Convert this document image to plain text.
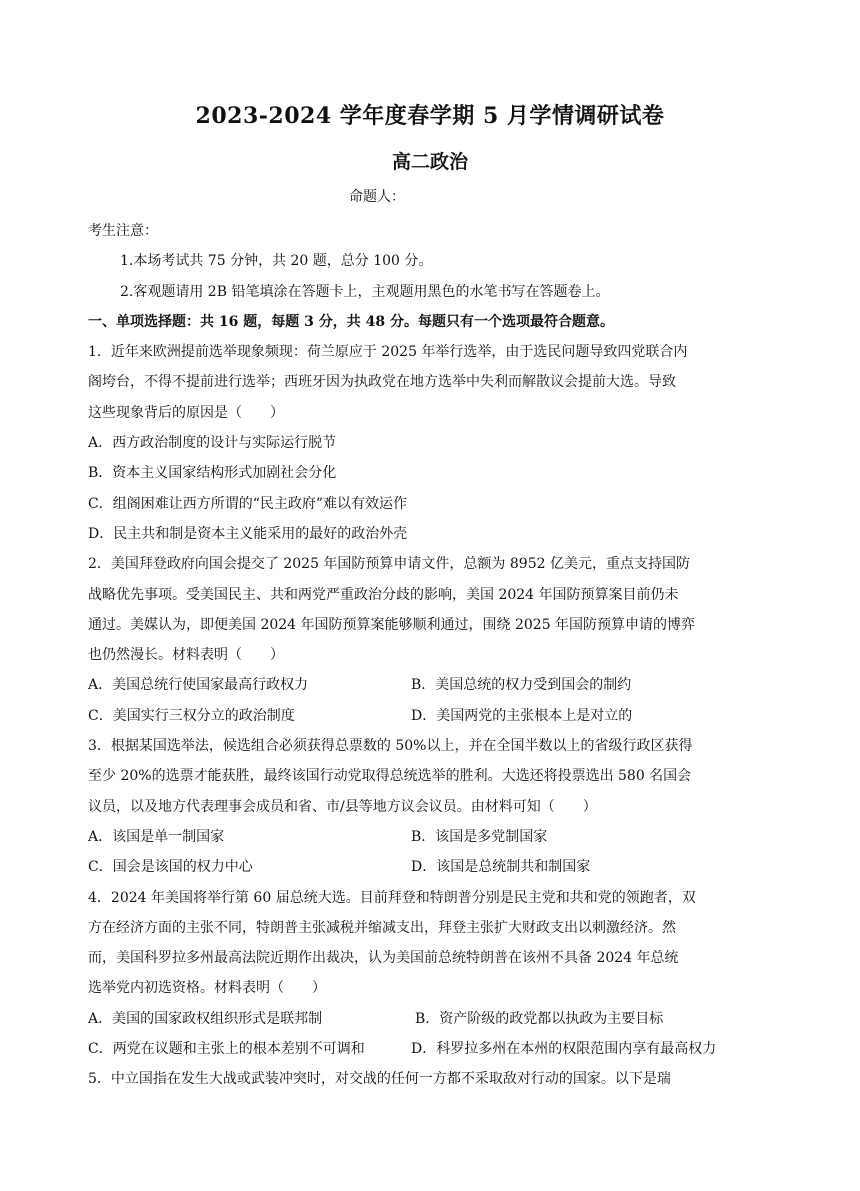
2023-2024 学年度春学期 5 月学情调研试卷
高二政治
命题人：
考生注意：
1.本场考试共 75 分钟，共 20 题，总分 100 分。
2.客观题请用 2B 铅笔填涂在答题卡上，主观题用黑色的水笔书写在答题卷上。
一、单项选择题：共 16 题，每题 3 分，共 48 分。每题只有一个选项最符合题意。
1．近年来欧洲提前选举现象频现：荷兰原应于 2025 年举行选举，由于选民问题导致四党联合内
阁垮台，不得不提前进行选举；西班牙因为执政党在地方选举中失利而解散议会提前大选。导致
这些现象背后的原因是（　　）
A．西方政治制度的设计与实际运行脱节
B．资本主义国家结构形式加剧社会分化
C．组阁困难让西方所谓的“民主政府”难以有效运作
D．民主共和制是资本主义能采用的最好的政治外壳
2．美国拜登政府向国会提交了 2025 年国防预算申请文件，总额为 8952 亿美元，重点支持国防
战略优先事项。受美国民主、共和两党严重政治分歧的影响，美国 2024 年国防预算案目前仍未
通过。美媒认为，即便美国 2024 年国防预算案能够顺利通过，围绕 2025 年国防预算申请的博弈
也仍然漫长。材料表明（　　）
A．美国总统行使国家最高行政权力	B．美国总统的权力受到国会的制约
C．美国实行三权分立的政治制度	D．美国两党的主张根本上是对立的
3．根据某国选举法，候选组合必须获得总票数的 50%以上，并在全国半数以上的省级行政区获得
至少 20%的选票才能获胜，最终该国行动党取得总统选举的胜利。大选还将投票选出 580 名国会
议员，以及地方代表理事会成员和省、市/县等地方议会议员。由材料可知（　　）
A．该国是单一制国家	B．该国是多党制国家
C．国会是该国的权力中心	D．该国是总统制共和制国家
4．2024 年美国将举行第 60 届总统大选。目前拜登和特朗普分别是民主党和共和党的领跑者，双
方在经济方面的主张不同，特朗普主张减税并缩减支出，拜登主张扩大财政支出以刺激经济。然
而，美国科罗拉多州最高法院近期作出裁决，认为美国前总统特朗普在该州不具备 2024 年总统
选举党内初选资格。材料表明（　　）
A．美国的国家政权组织形式是联邦制	B．资产阶级的政党都以执政为主要目标
C．两党在议题和主张上的根本差别不可调和	D．科罗拉多州在本州的权限范围内享有最高权力
5．中立国指在发生大战或武装冲突时，对交战的任何一方都不采取敌对行动的国家。以下是瑞
